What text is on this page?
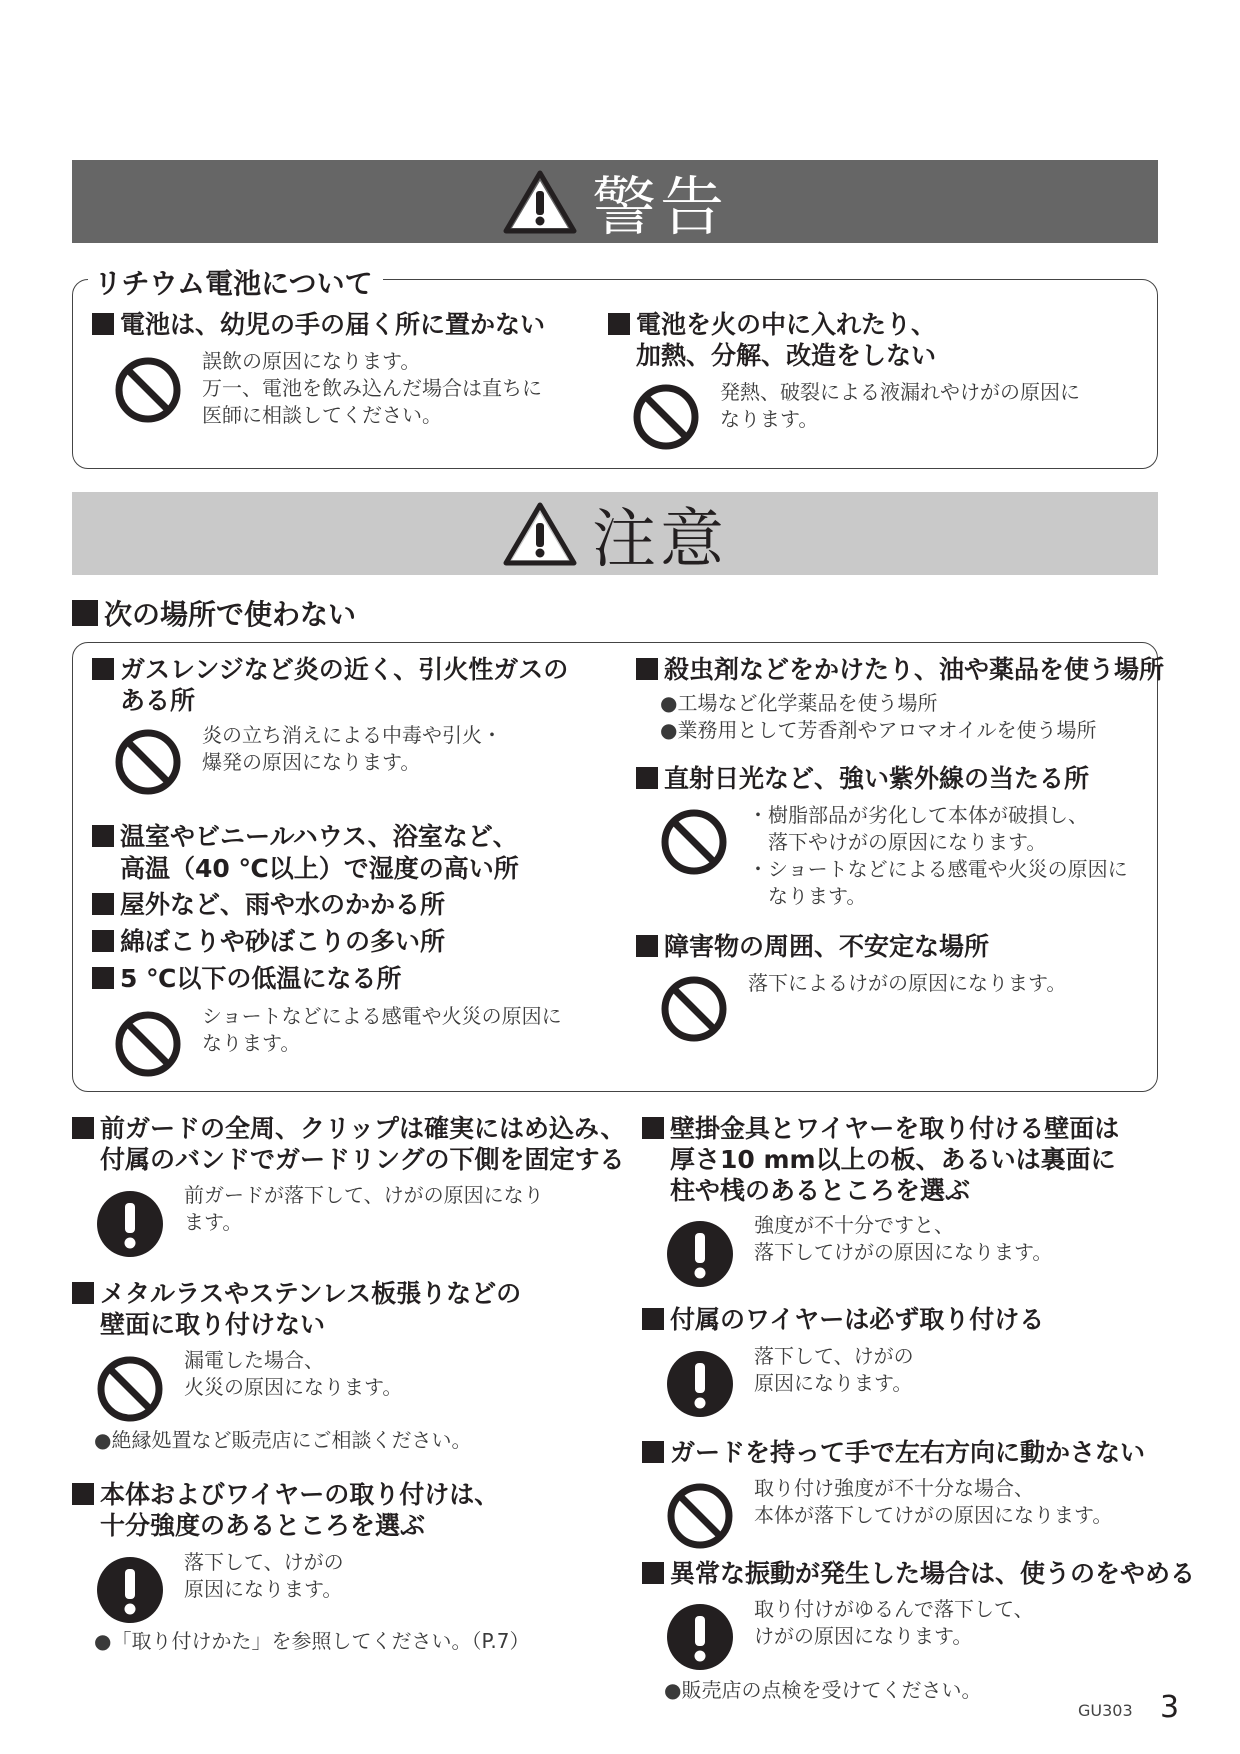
警告
リチウム電池について
電池は、幼児の手の届く所に置かない
誤飲の原因になります。
万一、電池を飲み込んだ場合は直ちに
医師に相談してください。
電池を火の中に入れたり、
加熱、分解、改造をしない
発熱、破裂による液漏れやけがの原因に
なります。
注意
次の場所で使わない
ガスレンジなど炎の近く、引火性ガスの
ある所
炎の立ち消えによる中毒や引火・
爆発の原因になります。
温室やビニールハウス、浴室など、
高温（40 ℃以上）で湿度の高い所
屋外など、雨や水のかかる所
綿ぼこりや砂ぼこりの多い所
5 ℃以下の低温になる所
ショートなどによる感電や火災の原因に
なります。
殺虫剤などをかけたり、油や薬品を使う場所
●工場など化学薬品を使う場所
●業務用として芳香剤やアロマオイルを使う場所
直射日光など、強い紫外線の当たる所
・樹脂部品が劣化して本体が破損し、
　落下やけがの原因になります。
・ショートなどによる感電や火災の原因に
　なります。
障害物の周囲、不安定な場所
落下によるけがの原因になります。
前ガードの全周、クリップは確実にはめ込み、
付属のバンドでガードリングの下側を固定する
前ガードが落下して、けがの原因になり
ます。
メタルラスやステンレス板張りなどの
壁面に取り付けない
漏電した場合、
火災の原因になります。
●絶縁処置など販売店にご相談ください。
本体およびワイヤーの取り付けは、
十分強度のあるところを選ぶ
落下して、けがの
原因になります。
●「取り付けかた」を参照してください。（P.7）
壁掛金具とワイヤーを取り付ける壁面は
厚さ10 mm以上の板、あるいは裏面に
柱や桟のあるところを選ぶ
強度が不十分ですと、
落下してけがの原因になります。
付属のワイヤーは必ず取り付ける
落下して、けがの
原因になります。
ガードを持って手で左右方向に動かさない
取り付け強度が不十分な場合、
本体が落下してけがの原因になります。
異常な振動が発生した場合は、使うのをやめる
取り付けがゆるんで落下して、
けがの原因になります。
●販売店の点検を受けてください。
GU303 3
